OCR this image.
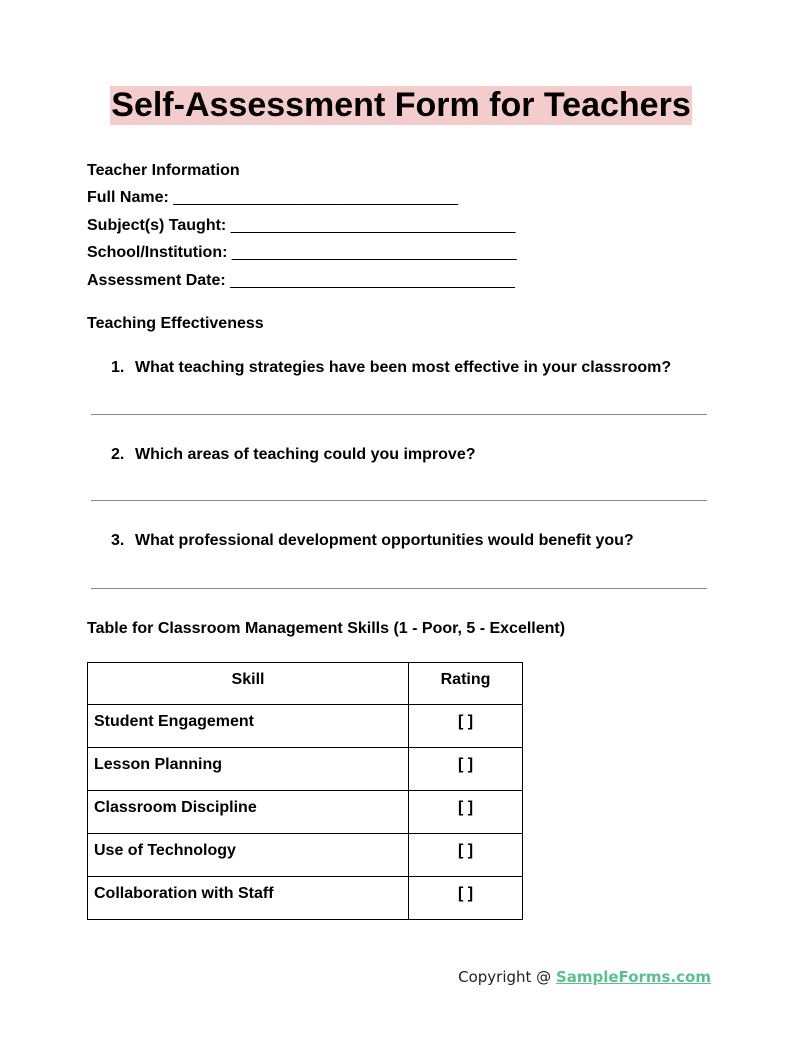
Self-Assessment Form for Teachers
Teacher Information
Full Name: ________________________________
Subject(s) Taught: ________________________________
School/Institution: ________________________________
Assessment Date: ________________________________
Teaching Effectiveness
1. What teaching strategies have been most effective in your classroom?
2. Which areas of teaching could you improve?
3. What professional development opportunities would benefit you?
Table for Classroom Management Skills (1 - Poor, 5 - Excellent)
Skill	Rating
Student Engagement	[ ]
Lesson Planning	[ ]
Classroom Discipline	[ ]
Use of Technology	[ ]
Collaboration with Staff	[ ]
Copyright @ SampleForms.com
